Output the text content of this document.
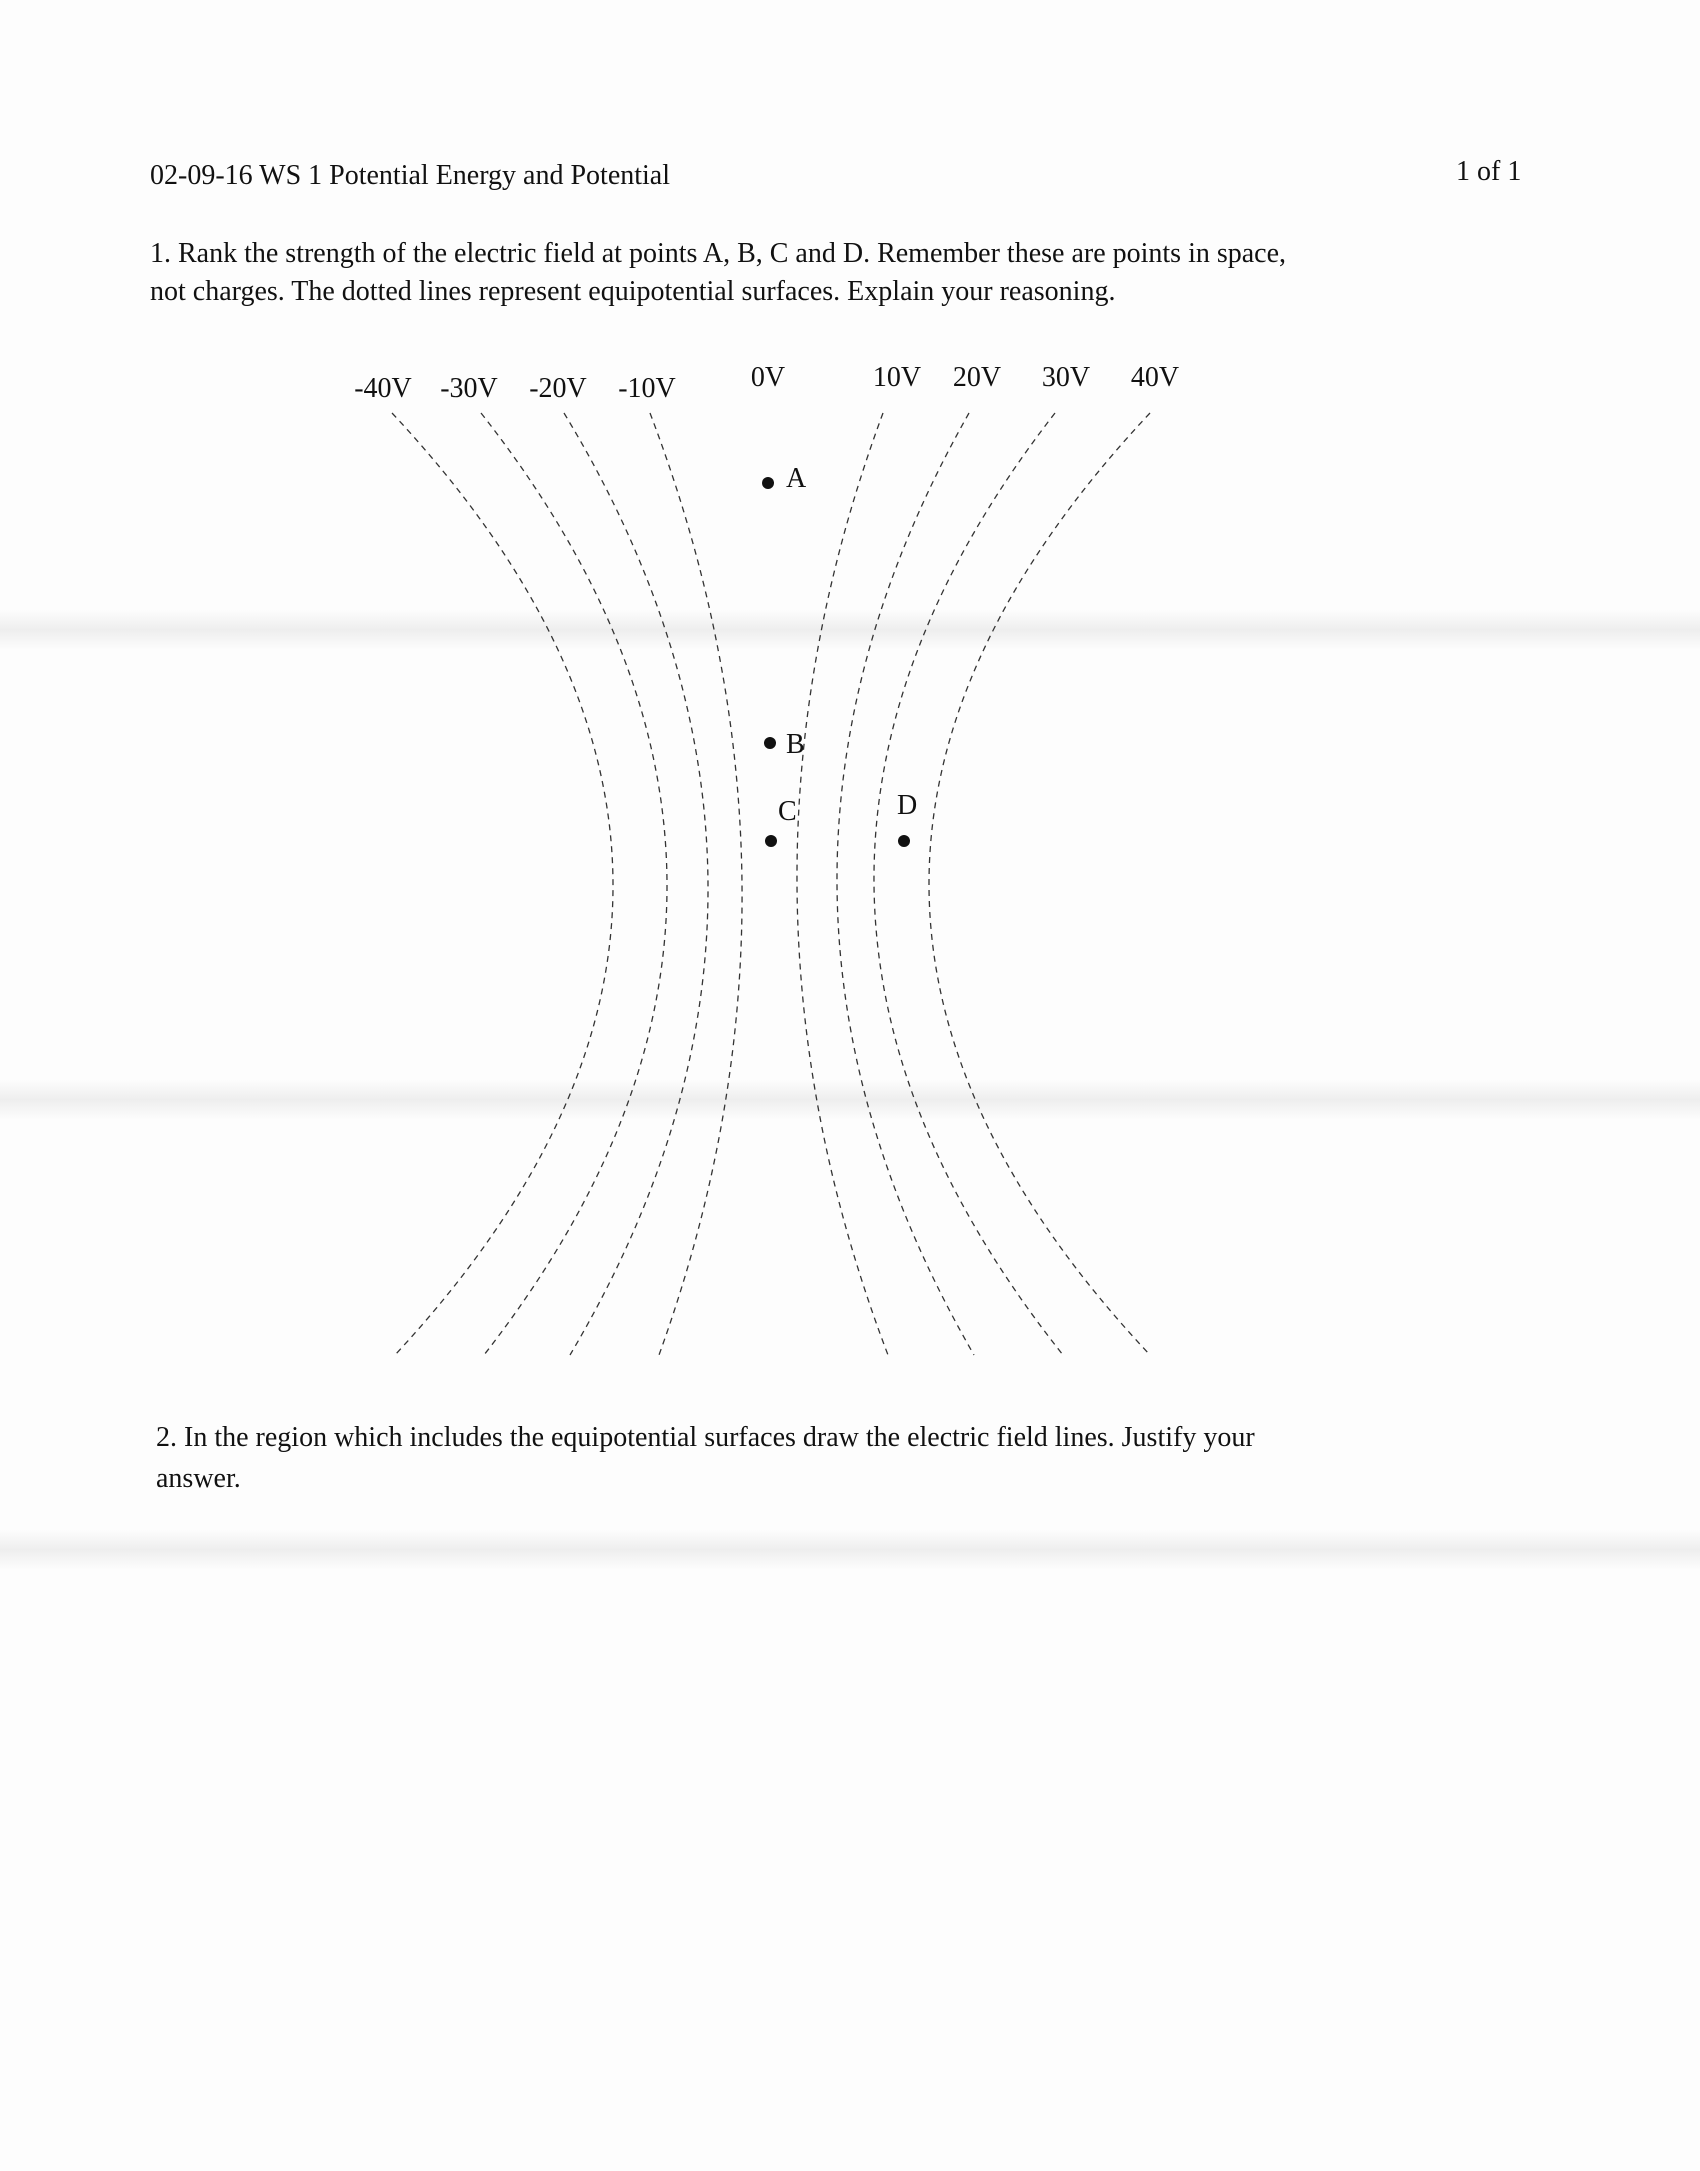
02-09-16 WS 1 Potential Energy and Potential	1 of 1
1. Rank the strength of the electric field at points A, B, C and D. Remember these are points in space,
not charges. The dotted lines represent equipotential surfaces. Explain your reasoning.
-40V -30V -20V -10V	10V 20V 30V 40V
0V
A
B
C	D
2. In the region which includes the equipotential surfaces draw the electric field lines. Justify your
answer.
